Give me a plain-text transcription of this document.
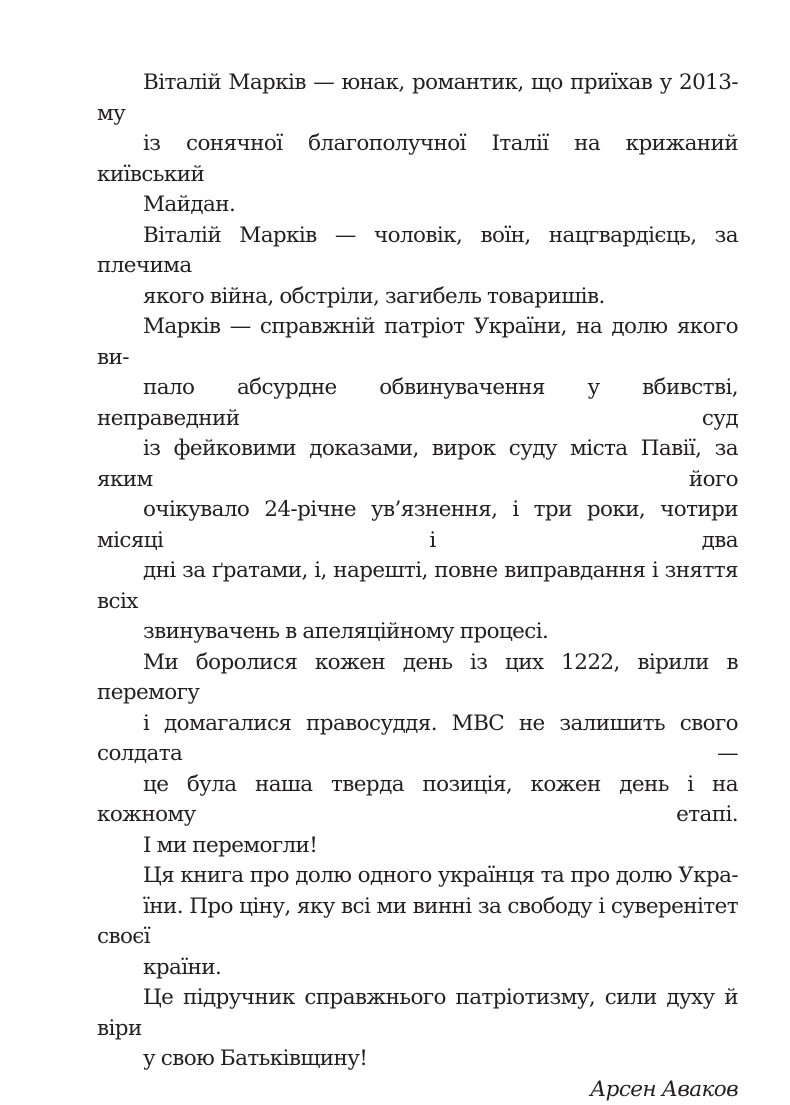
Віталій Марків — юнак, романтик, що приїхав у 2013-му
із сонячної благополучної Італії на крижаний київський
Майдан.

Віталій Марків — чоловік, воїн, нацгвардієць, за плечима
якого війна, обстріли, загибель товаришів.

Марків — справжній патріот України, на долю якого ви-
пало абсурдне обвинувачення у вбивстві, неправедний суд
із фейковими доказами, вирок суду міста Павії, за яким його
очікувало 24-річне ув’язнення, і три роки, чотири місяці і два
дні за ґратами, і, нарешті, повне виправдання і зняття всіх
звинувачень в апеляційному процесі.

Ми боролися кожен день із цих 1222, вірили в перемогу
і домагалися правосуддя. МВС не залишить свого солдата —
це була наша тверда позиція, кожен день і на кожному етапі.
І ми перемогли!

Ця книга про долю одного українця та про долю Укра-
їни. Про ціну, яку всі ми винні за свободу і суверенітет своєї
країни.

Це підручник справжнього патріотизму, сили духу й віри
у свою Батьківщину!

Арсен Аваков
